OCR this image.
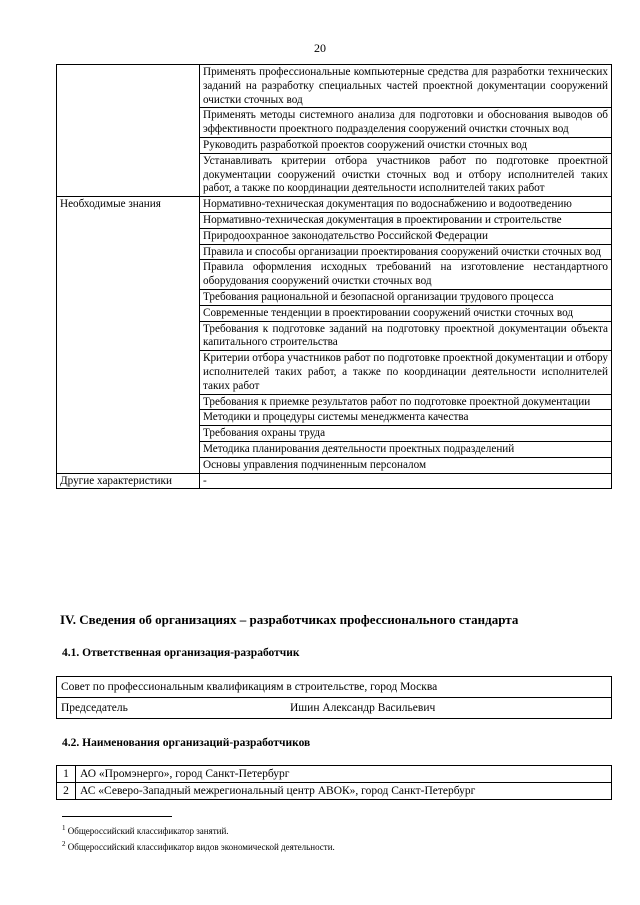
20
	Применять профессиональные компьютерные средства для разработки технических заданий на разработку специальных частей проектной документации сооружений очистки сточных вод
	Применять методы системного анализа для подготовки и обоснования выводов об эффективности проектного подразделения сооружений очистки сточных вод
	Руководить разработкой проектов сооружений очистки сточных вод
	Устанавливать критерии отбора участников работ по подготовке проектной документации сооружений очистки сточных вод и отбору исполнителей таких работ, а также по координации деятельности исполнителей таких работ
Необходимые знания	Нормативно-техническая документация по водоснабжению и водоотведению
	Нормативно-техническая документация в проектировании и строительстве
	Природоохранное законодательство Российской Федерации
	Правила и способы организации проектирования сооружений очистки сточных вод
	Правила оформления исходных требований на изготовление нестандартного оборудования сооружений очистки сточных вод
	Требования рациональной и безопасной организации трудового процесса
	Современные тенденции в проектировании сооружений очистки сточных вод
	Требования к подготовке заданий на подготовку проектной документации объекта капитального строительства
	Критерии отбора участников работ по подготовке проектной документации и отбору исполнителей таких работ, а также по координации деятельности исполнителей таких работ
	Требования к приемке результатов работ по подготовке проектной документации
	Методики и процедуры системы менеджмента качества
	Требования охраны труда
	Методика планирования деятельности проектных подразделений
	Основы управления подчиненным персоналом
Другие характеристики	-
IV. Сведения об организациях – разработчиках профессионального стандарта
4.1. Ответственная организация-разработчик
Совет по профессиональным квалификациям в строительстве, город Москва
Председатель	Ишин Александр Васильевич
4.2. Наименования организаций-разработчиков
1	АО «Промэнерго», город Санкт-Петербург
2	АС «Северо-Западный межрегиональный центр АВОК», город Санкт-Петербург
$^1$ Общероссийский классификатор занятий.
$^2$ Общероссийский классификатор видов экономической деятельности.
